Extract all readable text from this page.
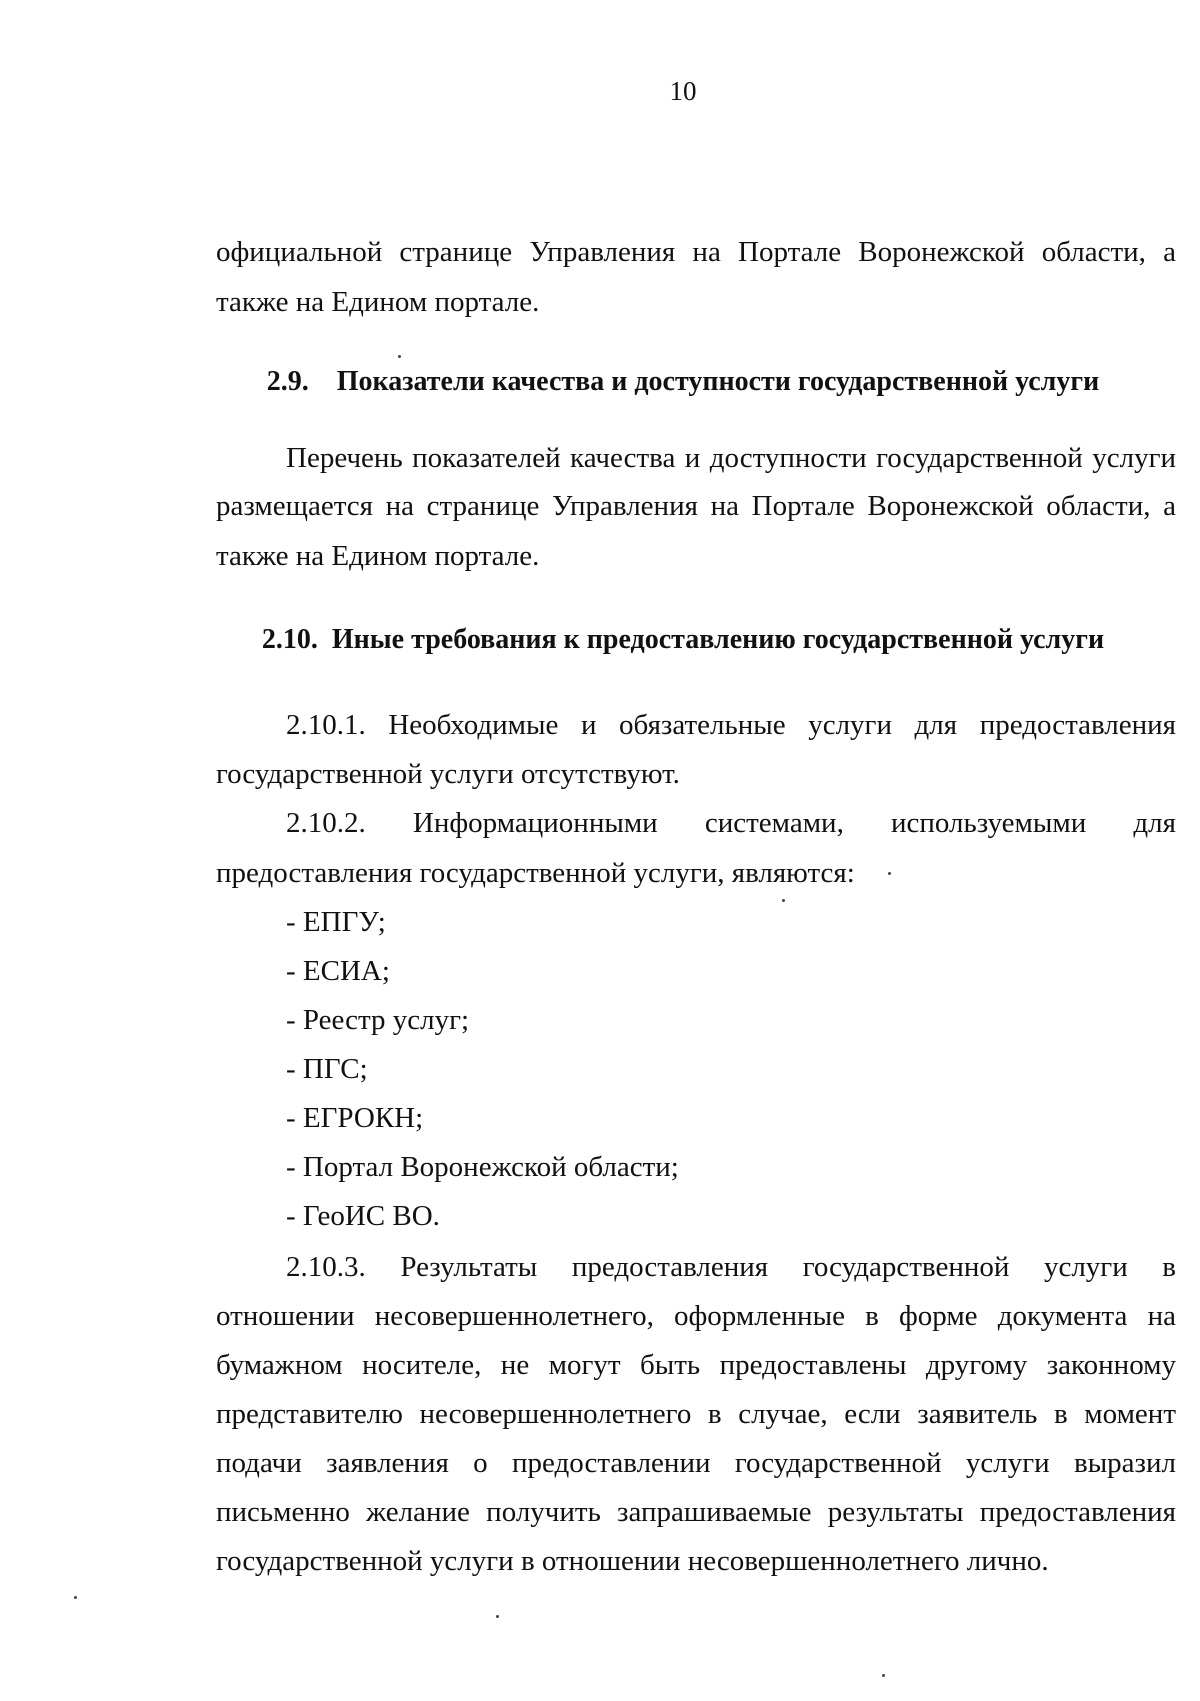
10

официальной странице Управления на Портале Воронежской области, а

также на Едином портале.

2.9. Показатели качества и доступности государственной услуги

Перечень показателей качества и доступности государственной услуги

размещается на странице Управления на Портале Воронежской области, а

также на Едином портале.

2.10. Иные требования к предоставлению государственной услуги

2.10.1. Необходимые и обязательные услуги для предоставления

государственной услуги отсутствуют.

2.10.2. Информационными системами, используемыми для

предоставления государственной услуги, являются:

- ЕПГУ;
- ЕСИА;
- Реестр услуг;
- ПГС;
- ЕГРОКН;
- Портал Воронежской области;
- ГеоИС ВО.

2.10.3. Результаты предоставления государственной услуги в

отношении несовершеннолетнего, оформленные в форме документа на

бумажном носителе, не могут быть предоставлены другому законному

представителю несовершеннолетнего в случае, если заявитель в момент

подачи заявления о предоставлении государственной услуги выразил

письменно желание получить запрашиваемые результаты предоставления

государственной услуги в отношении несовершеннолетнего лично.
